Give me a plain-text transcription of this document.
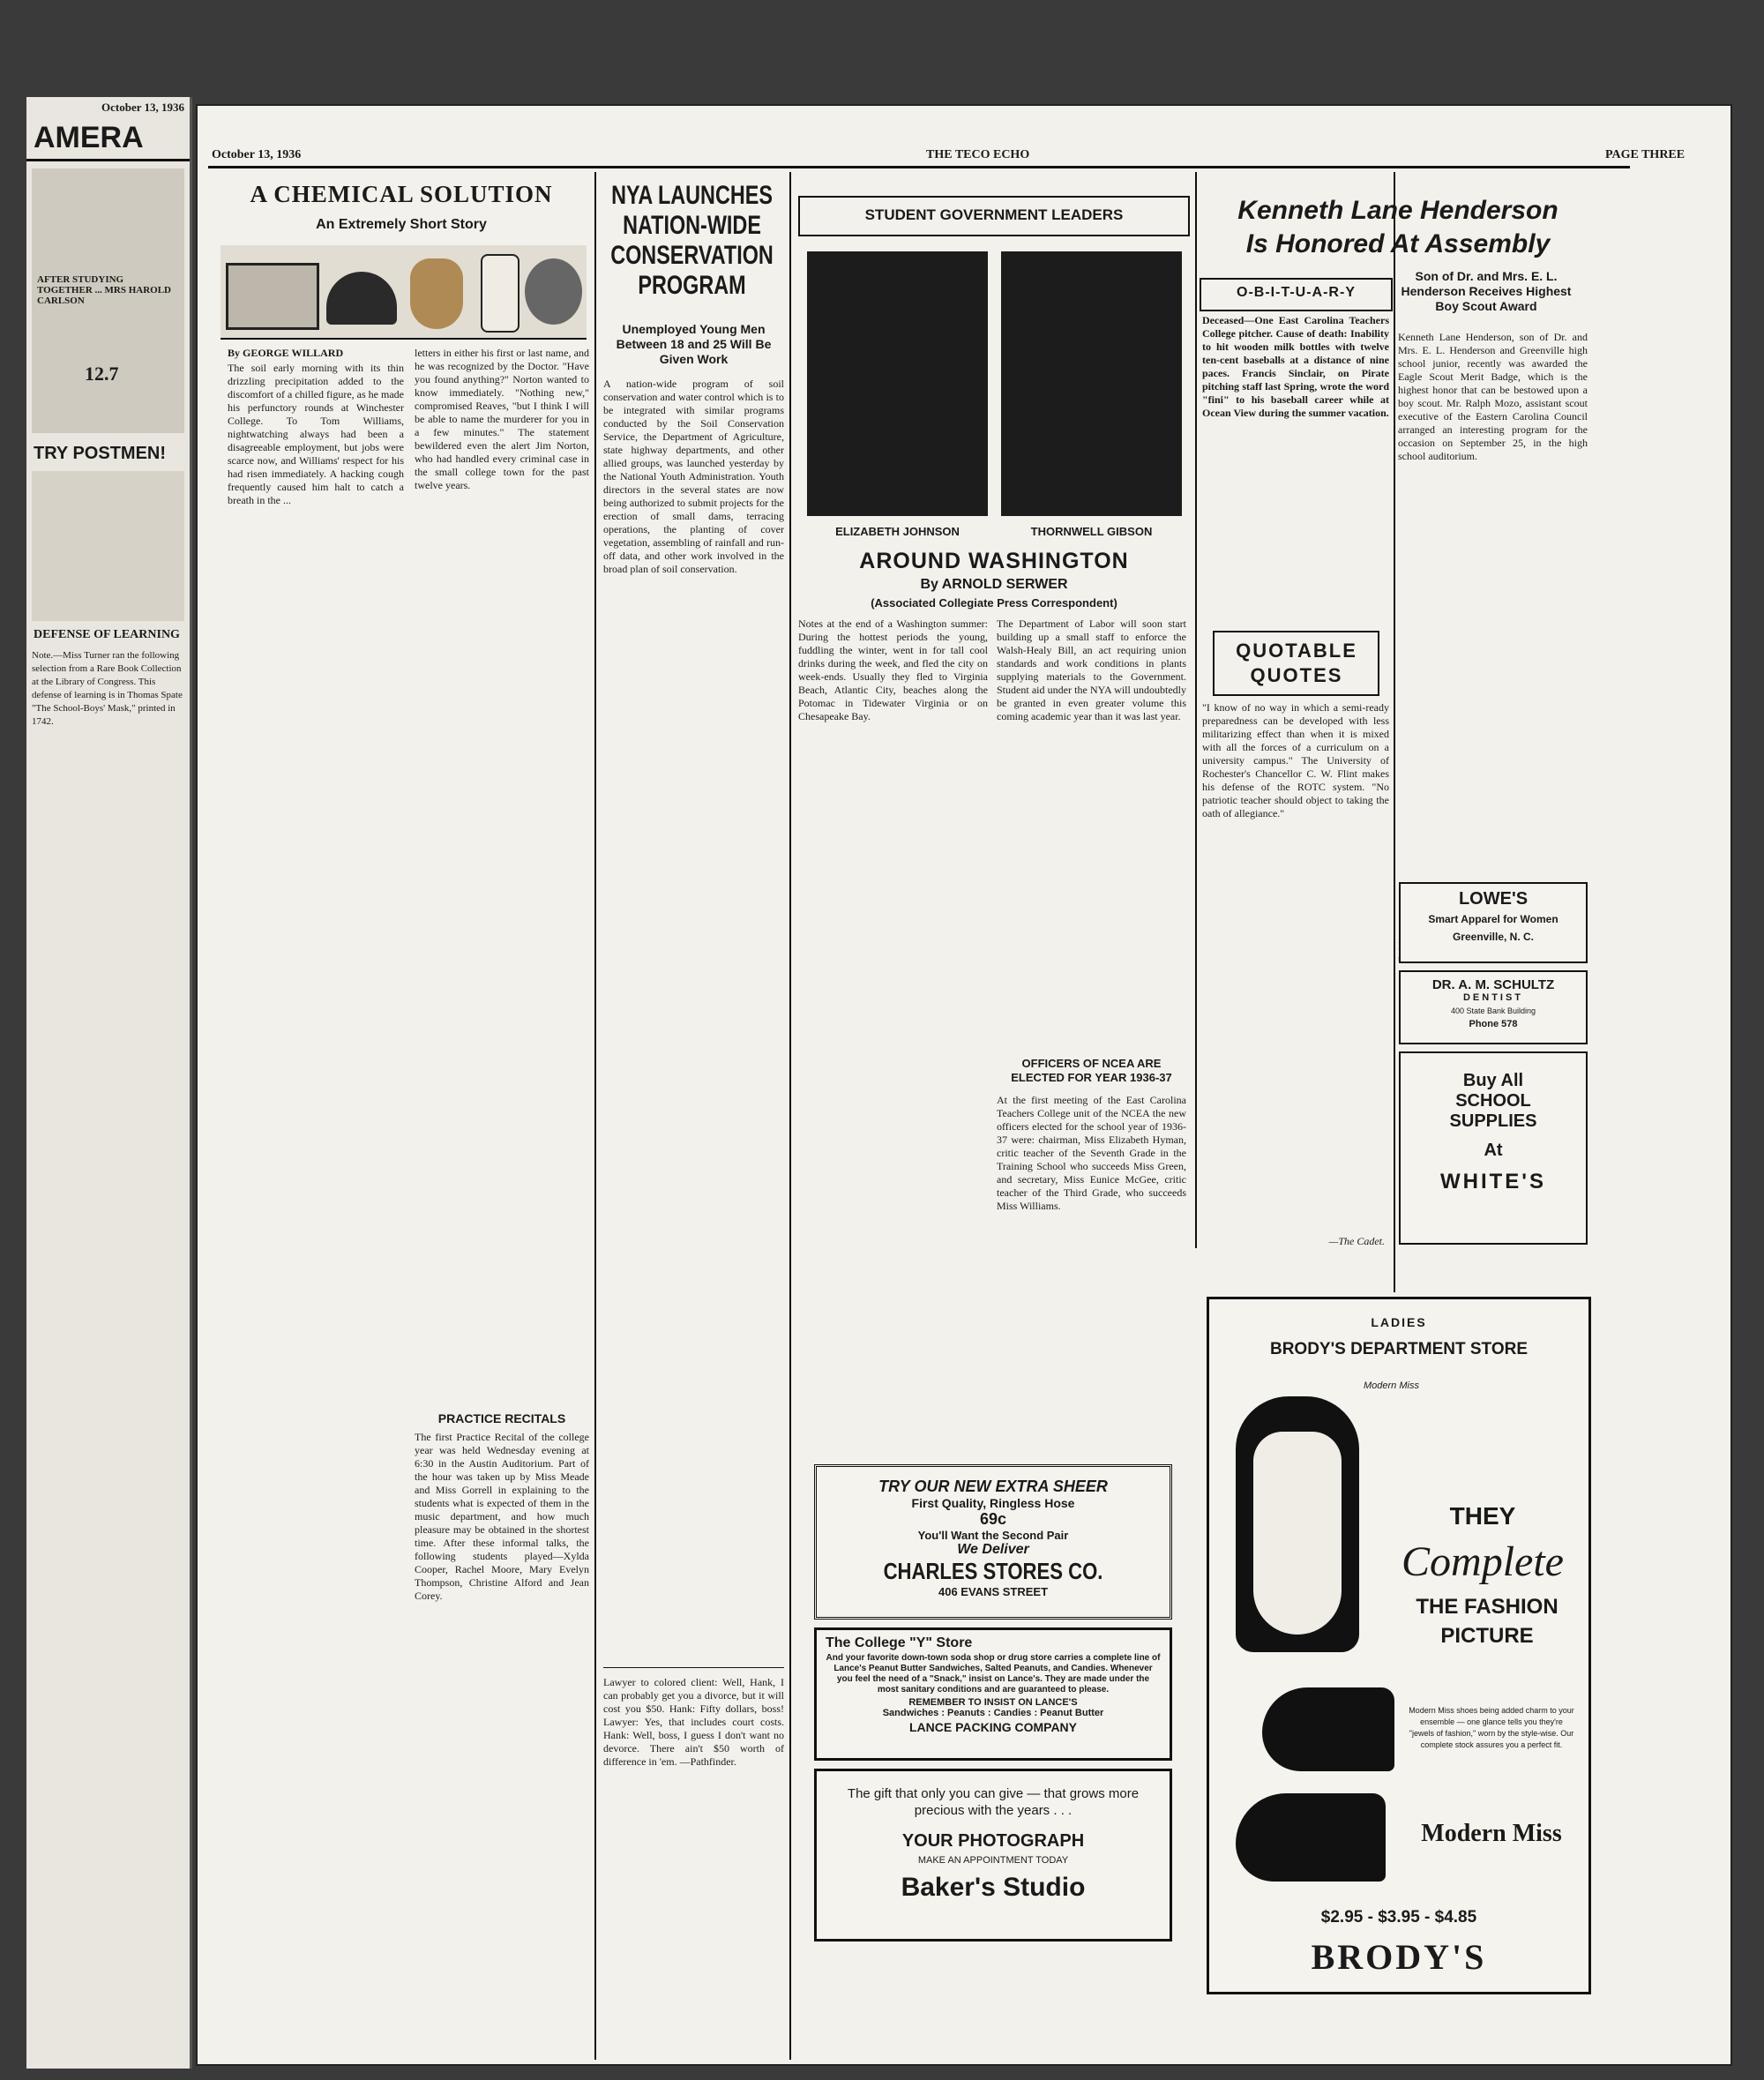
October 13, 1936
AMERA
AFTER STUDYING TOGETHER ... MRS HAROLD CARLSON
12.7
TRY POSTMEN!
DEFENSE OF LEARNING
Note.—Miss Turner ran the following selection from a Rare Book Collection at the Library of Congress. This defense of learning is in Thomas Spate "The School-Boys' Mask," printed in 1742.
October 13, 1936	THE TECO ECHO	PAGE THREE
A CHEMICAL SOLUTION
An Extremely Short Story
By GEORGE WILLARD
The soil early morning with its thin drizzling precipitation added to the discomfort of a chilled figure, as he made his perfunctory rounds at Winchester College. To Tom Williams, nightwatching always had been a disagreeable employment, but jobs were scarce now, and Williams' respect for his had risen immediately. A hacking cough frequently caused him halt to catch a breath in the ...
letters in either his first or last name, and he was recognized by the Doctor. "Have you found anything?" Norton wanted to know immediately. "Nothing new," compromised Reaves, "but I think I will be able to name the murderer for you in a few minutes." The statement bewildered even the alert Jim Norton, who had handled every criminal case in the small college town for the past twelve years.
PRACTICE RECITALS
The first Practice Recital of the college year was held Wednesday evening at 6:30 in the Austin Auditorium. Part of the hour was taken up by Miss Meade and Miss Gorrell in explaining to the students what is expected of them in the music department, and how much pleasure may be obtained in the shortest time. After these informal talks, the following students played—Xylda Cooper, Rachel Moore, Mary Evelyn Thompson, Christine Alford and Jean Corey.
NYA LAUNCHES NATION-WIDE CONSERVATION PROGRAM
Unemployed Young Men Between 18 and 25 Will Be Given Work
A nation-wide program of soil conservation and water control which is to be integrated with similar programs conducted by the Soil Conservation Service, the Department of Agriculture, state highway departments, and other allied groups, was launched yesterday by the National Youth Administration. Youth directors in the several states are now being authorized to submit projects for the erection of small dams, terracing operations, the planting of cover vegetation, assembling of rainfall and run-off data, and other work involved in the broad plan of soil conservation.
Lawyer to colored client: Well, Hank, I can probably get you a divorce, but it will cost you $50. Hank: Fifty dollars, boss! Lawyer: Yes, that includes court costs. Hank: Well, boss, I guess I don't want no devorce. There ain't $50 worth of difference in 'em. —Pathfinder.
STUDENT GOVERNMENT LEADERS
ELIZABETH JOHNSON	THORNWELL GIBSON
AROUND WASHINGTON
By ARNOLD SERWER
(Associated Collegiate Press Correspondent)
Notes at the end of a Washington summer: During the hottest periods the young, fuddling the winter, went in for tall cool drinks during the week, and fled the city on week-ends. Usually they fled to Virginia Beach, Atlantic City, beaches along the Potomac in Tidewater Virginia or on Chesapeake Bay.
The Department of Labor will soon start building up a small staff to enforce the Walsh-Healy Bill, an act requiring union standards and work conditions in plants supplying materials to the Government. Student aid under the NYA will undoubtedly be granted in even greater volume this coming academic year than it was last year.
OFFICERS OF NCEA ARE ELECTED FOR YEAR 1936-37
At the first meeting of the East Carolina Teachers College unit of the NCEA the new officers elected for the school year of 1936-37 were: chairman, Miss Elizabeth Hyman, critic teacher of the Seventh Grade in the Training School who succeeds Miss Green, and secretary, Miss Eunice McGee, critic teacher of the Third Grade, who succeeds Miss Williams.
Kenneth Lane Henderson
Is Honored At Assembly
Son of Dr. and Mrs. E. L. Henderson Receives Highest Boy Scout Award
Kenneth Lane Henderson, son of Dr. and Mrs. E. L. Henderson and Greenville high school junior, recently was awarded the Eagle Scout Merit Badge, which is the highest honor that can be bestowed upon a boy scout. Mr. Ralph Mozo, assistant scout executive of the Eastern Carolina Council arranged an interesting program for the occasion on September 25, in the high school auditorium.
O-B-I-T-U-A-R-Y
Deceased—One East Carolina Teachers College pitcher. Cause of death: Inability to hit wooden milk bottles with twelve ten-cent baseballs at a distance of nine paces. Francis Sinclair, on Pirate pitching staff last Spring, wrote the word "fini" to his baseball career while at Ocean View during the summer vacation.
QUOTABLE QUOTES
"I know of no way in which a semi-ready preparedness can be developed with less militarizing effect than when it is mixed with all the forces of a curriculum on a university campus." The University of Rochester's Chancellor C. W. Flint makes his defense of the ROTC system. "No patriotic teacher should object to taking the oath of allegiance."
—The Cadet.
LOWE'S
Smart Apparel for Women
Greenville, N. C.
DR. A. M. SCHULTZ
DENTIST
400 State Bank Building
Phone 578
Buy All
SCHOOL
SUPPLIES
At
WHITE'S
TRY OUR NEW EXTRA SHEER
First Quality, Ringless Hose
69c
You'll Want the Second Pair
We Deliver
CHARLES STORES CO.
406 EVANS STREET
The College "Y" Store
And your favorite down-town soda shop or drug store carries a complete line of Lance's Peanut Butter Sandwiches, Salted Peanuts, and Candies. Whenever you feel the need of a "Snack," insist on Lance's. They are made under the most sanitary conditions and are guaranteed to please.
REMEMBER TO INSIST ON LANCE'S
Sandwiches : Peanuts : Candies : Peanut Butter
LANCE PACKING COMPANY
The gift that only you can give — that grows more precious with the years . . .
YOUR PHOTOGRAPH
MAKE AN APPOINTMENT TODAY
Baker's Studio
LADIES
BRODY'S DEPARTMENT STORE
Modern Miss
THEY
Complete
THE FASHION
PICTURE
Modern Miss shoes being added charm to your ensemble — one glance tells you they're "jewels of fashion," worn by the style-wise. Our complete stock assures you a perfect fit.
Modern Miss
$2.95 - $3.95 - $4.85
BRODY'S
